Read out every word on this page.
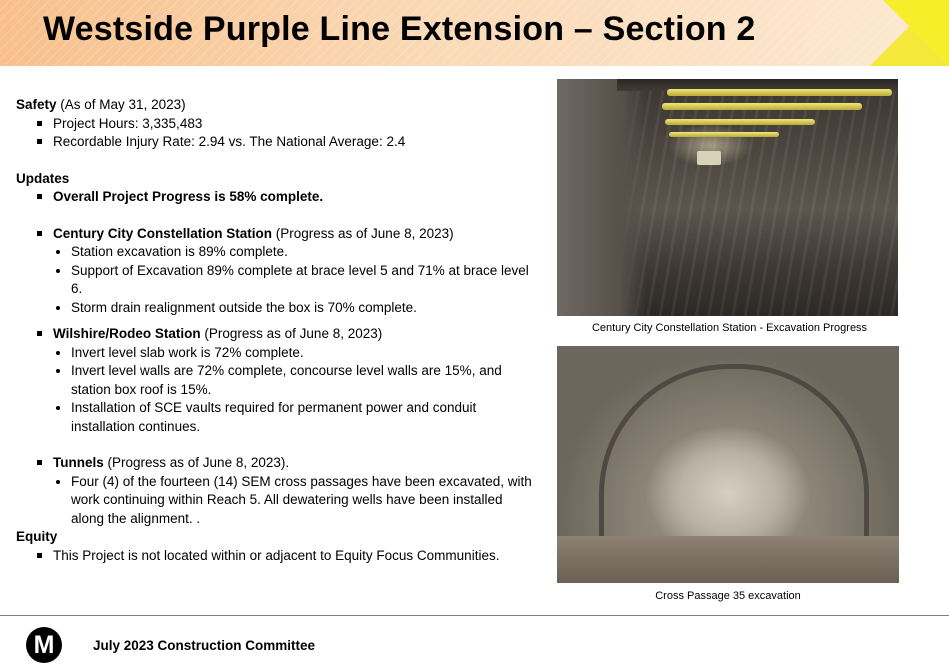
Westside Purple Line Extension – Section 2
Safety (As of May 31, 2023)
Project Hours: 3,335,483
Recordable Injury Rate: 2.94 vs. The National Average: 2.4
Updates
Overall Project Progress is 58% complete.
Century City Constellation Station (Progress as of June 8, 2023)
Station excavation is 89% complete.
Support of Excavation 89% complete at brace level 5 and 71% at brace level 6.
Storm drain realignment outside the box is 70% complete.
Wilshire/Rodeo Station (Progress as of June 8, 2023)
Invert level slab work is 72% complete.
Invert level walls are 72% complete, concourse level walls are 15%, and station box roof is 15%.
Installation of SCE vaults required for permanent power and conduit installation continues.
Tunnels (Progress as of June 8, 2023).
Four (4) of the fourteen (14) SEM cross passages have been excavated, with work continuing within Reach 5. All dewatering wells have been installed along the alignment. .
Equity
This Project is not located within or adjacent to Equity Focus Communities.
Century City Constellation Station - Excavation Progress
Cross Passage 35 excavation
M	July 2023 Construction Committee
